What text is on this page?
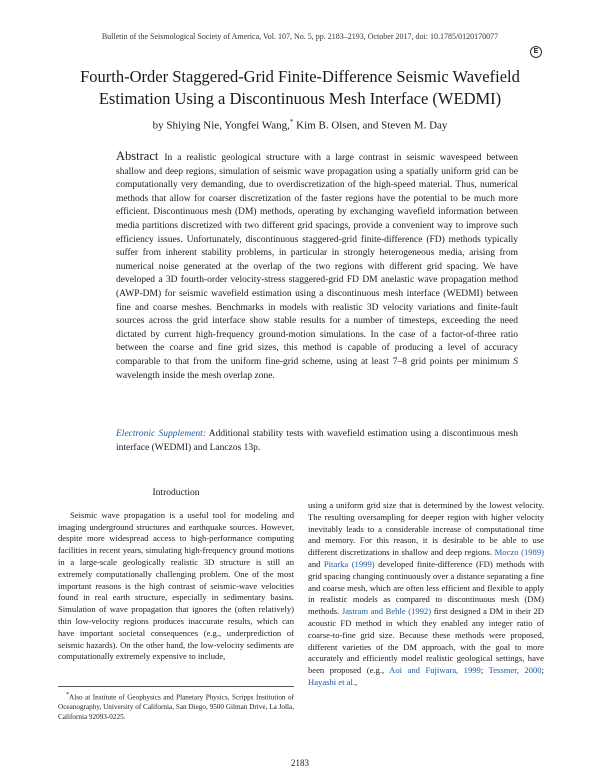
Bulletin of the Seismological Society of America, Vol. 107, No. 5, pp. 2183–2193, October 2017, doi: 10.1785/0120170077
E
Fourth-Order Staggered-Grid Finite-Difference Seismic Wavefield
Estimation Using a Discontinuous Mesh Interface (WEDMI)
by Shiying Nie, Yongfei Wang,* Kim B. Olsen, and Steven M. Day
Abstract In a realistic geological structure with a large contrast in seismic wavespeed between shallow and deep regions, simulation of seismic wave propagation using a spatially uniform grid can be computationally very demanding, due to overdiscretization of the high-speed material. Thus, numerical methods that allow for coarser discretization of the faster regions have the potential to be much more efficient. Discontinuous mesh (DM) methods, operating by exchanging wavefield information between media partitions discretized with two different grid spacings, provide a convenient way to improve such efficiency issues. Unfortunately, discontinuous staggered-grid finite-difference (FD) methods typically suffer from inherent stability problems, in particular in strongly heterogeneous media, arising from numerical noise generated at the overlap of the two regions with different grid spacing. We have developed a 3D fourth-order velocity-stress staggered-grid FD DM anelastic wave propagation method (AWP-DM) for seismic wavefield estimation using a discontinuous mesh interface (WEDMI) between fine and coarse meshes. Benchmarks in models with realistic 3D velocity variations and finite-fault sources across the grid interface show stable results for a number of timesteps, exceeding the need dictated by current high-frequency ground-motion simulations. In the case of a factor-of-three ratio between the coarse and fine grid sizes, this method is capable of producing a level of accuracy comparable to that from the uniform fine-grid scheme, using at least 7–8 grid points per minimum S wavelength inside the mesh overlap zone.
Electronic Supplement: Additional stability tests with wavefield estimation using a discontinuous mesh interface (WEDMI) and Lanczos 13p.
Introduction

Seismic wave propagation is a useful tool for modeling and imaging underground structures and earthquake sources. However, despite more widespread access to high-performance computing facilities in recent years, simulating high-frequency ground motions in a large-scale geologically realistic 3D structure is still an extremely computationally challenging problem. One of the most important reasons is the high contrast of seismic-wave velocities found in real earth structure, especially in sedimentary basins. Simulation of wave propagation that ignores the (often relatively) thin low-velocity regions produces inaccurate results, which can have important societal consequences (e.g., underprediction of seismic hazards). On the other hand, the low-velocity sediments are computationally extremely expensive to include,

using a uniform grid size that is determined by the lowest velocity. The resulting oversampling for deeper region with higher velocity inevitably leads to a considerable increase of computational time and memory. For this reason, it is desirable to be able to use different discretizations in shallow and deep regions. Moczo (1989) and Pitarka (1999) developed finite-difference (FD) methods with grid spacing changing continuously over a distance separating a fine and coarse mesh, which are often less efficient and flexible to apply in realistic models as compared to discontinuous mesh (DM) methods. Jastram and Behle (1992) first designed a DM in their 2D acoustic FD method in which they enabled any integer ratio of coarse-to-fine grid size. Because these methods were proposed, different varieties of the DM approach, with the goal to more accurately and efficiently model realistic geological settings, have been proposed (e.g., Aoi and Fujiwara, 1999; Tessmer, 2000; Hayashi et al.,

*Also at Institute of Geophysics and Planetary Physics, Scripps Institution of Oceanography, University of California, San Diego, 9500 Gilman Drive, La Jolla, California 92093-0225.

2183
